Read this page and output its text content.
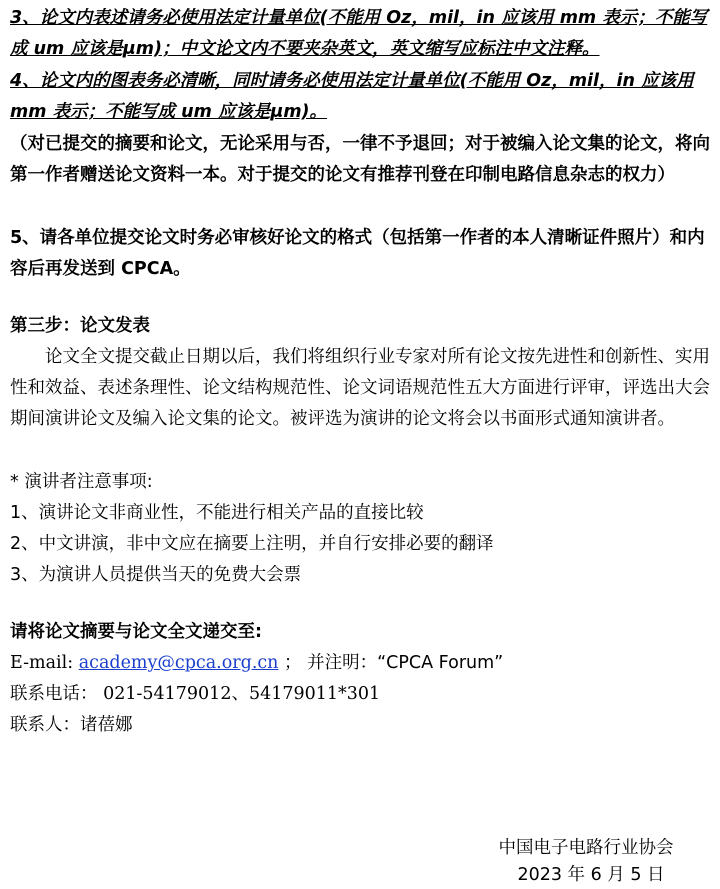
3、论文内表述请务必使用法定计量单位(不能用 Oz，mil，in 应该用 mm 表示；不能写成 um 应该是μm)；中文论文内不要夹杂英文，英文缩写应标注中文注释。

4、论文内的图表务必清晰，同时请务必使用法定计量单位(不能用 Oz，mil，in 应该用 mm 表示；不能写成 um 应该是μm)。

（对已提交的摘要和论文，无论采用与否，一律不予退回；对于被编入论文集的论文，将向第一作者赠送论文资料一本。对于提交的论文有推荐刊登在印制电路信息杂志的权力）

5、请各单位提交论文时务必审核好论文的格式（包括第一作者的本人清晰证件照片）和内容后再发送到 CPCA。

第三步：论文发表

论文全文提交截止日期以后，我们将组织行业专家对所有论文按先进性和创新性、实用性和效益、表述条理性、论文结构规范性、论文词语规范性五大方面进行评审，评选出大会期间演讲论文及编入论文集的论文。被评选为演讲的论文将会以书面形式通知演讲者。

* 演讲者注意事项:

1、演讲论文非商业性，不能进行相关产品的直接比较

2、中文讲演，非中文应在摘要上注明，并自行安排必要的翻译

3、为演讲人员提供当天的免费大会票

请将论文摘要与论文全文递交至:

E-mail: academy@cpca.org.cn ； 并注明：“CPCA Forum”

联系电话： 021-54179012、54179011*301

联系人：诸蓓娜

中国电子电路行业协会
2023 年 6 月 5 日
